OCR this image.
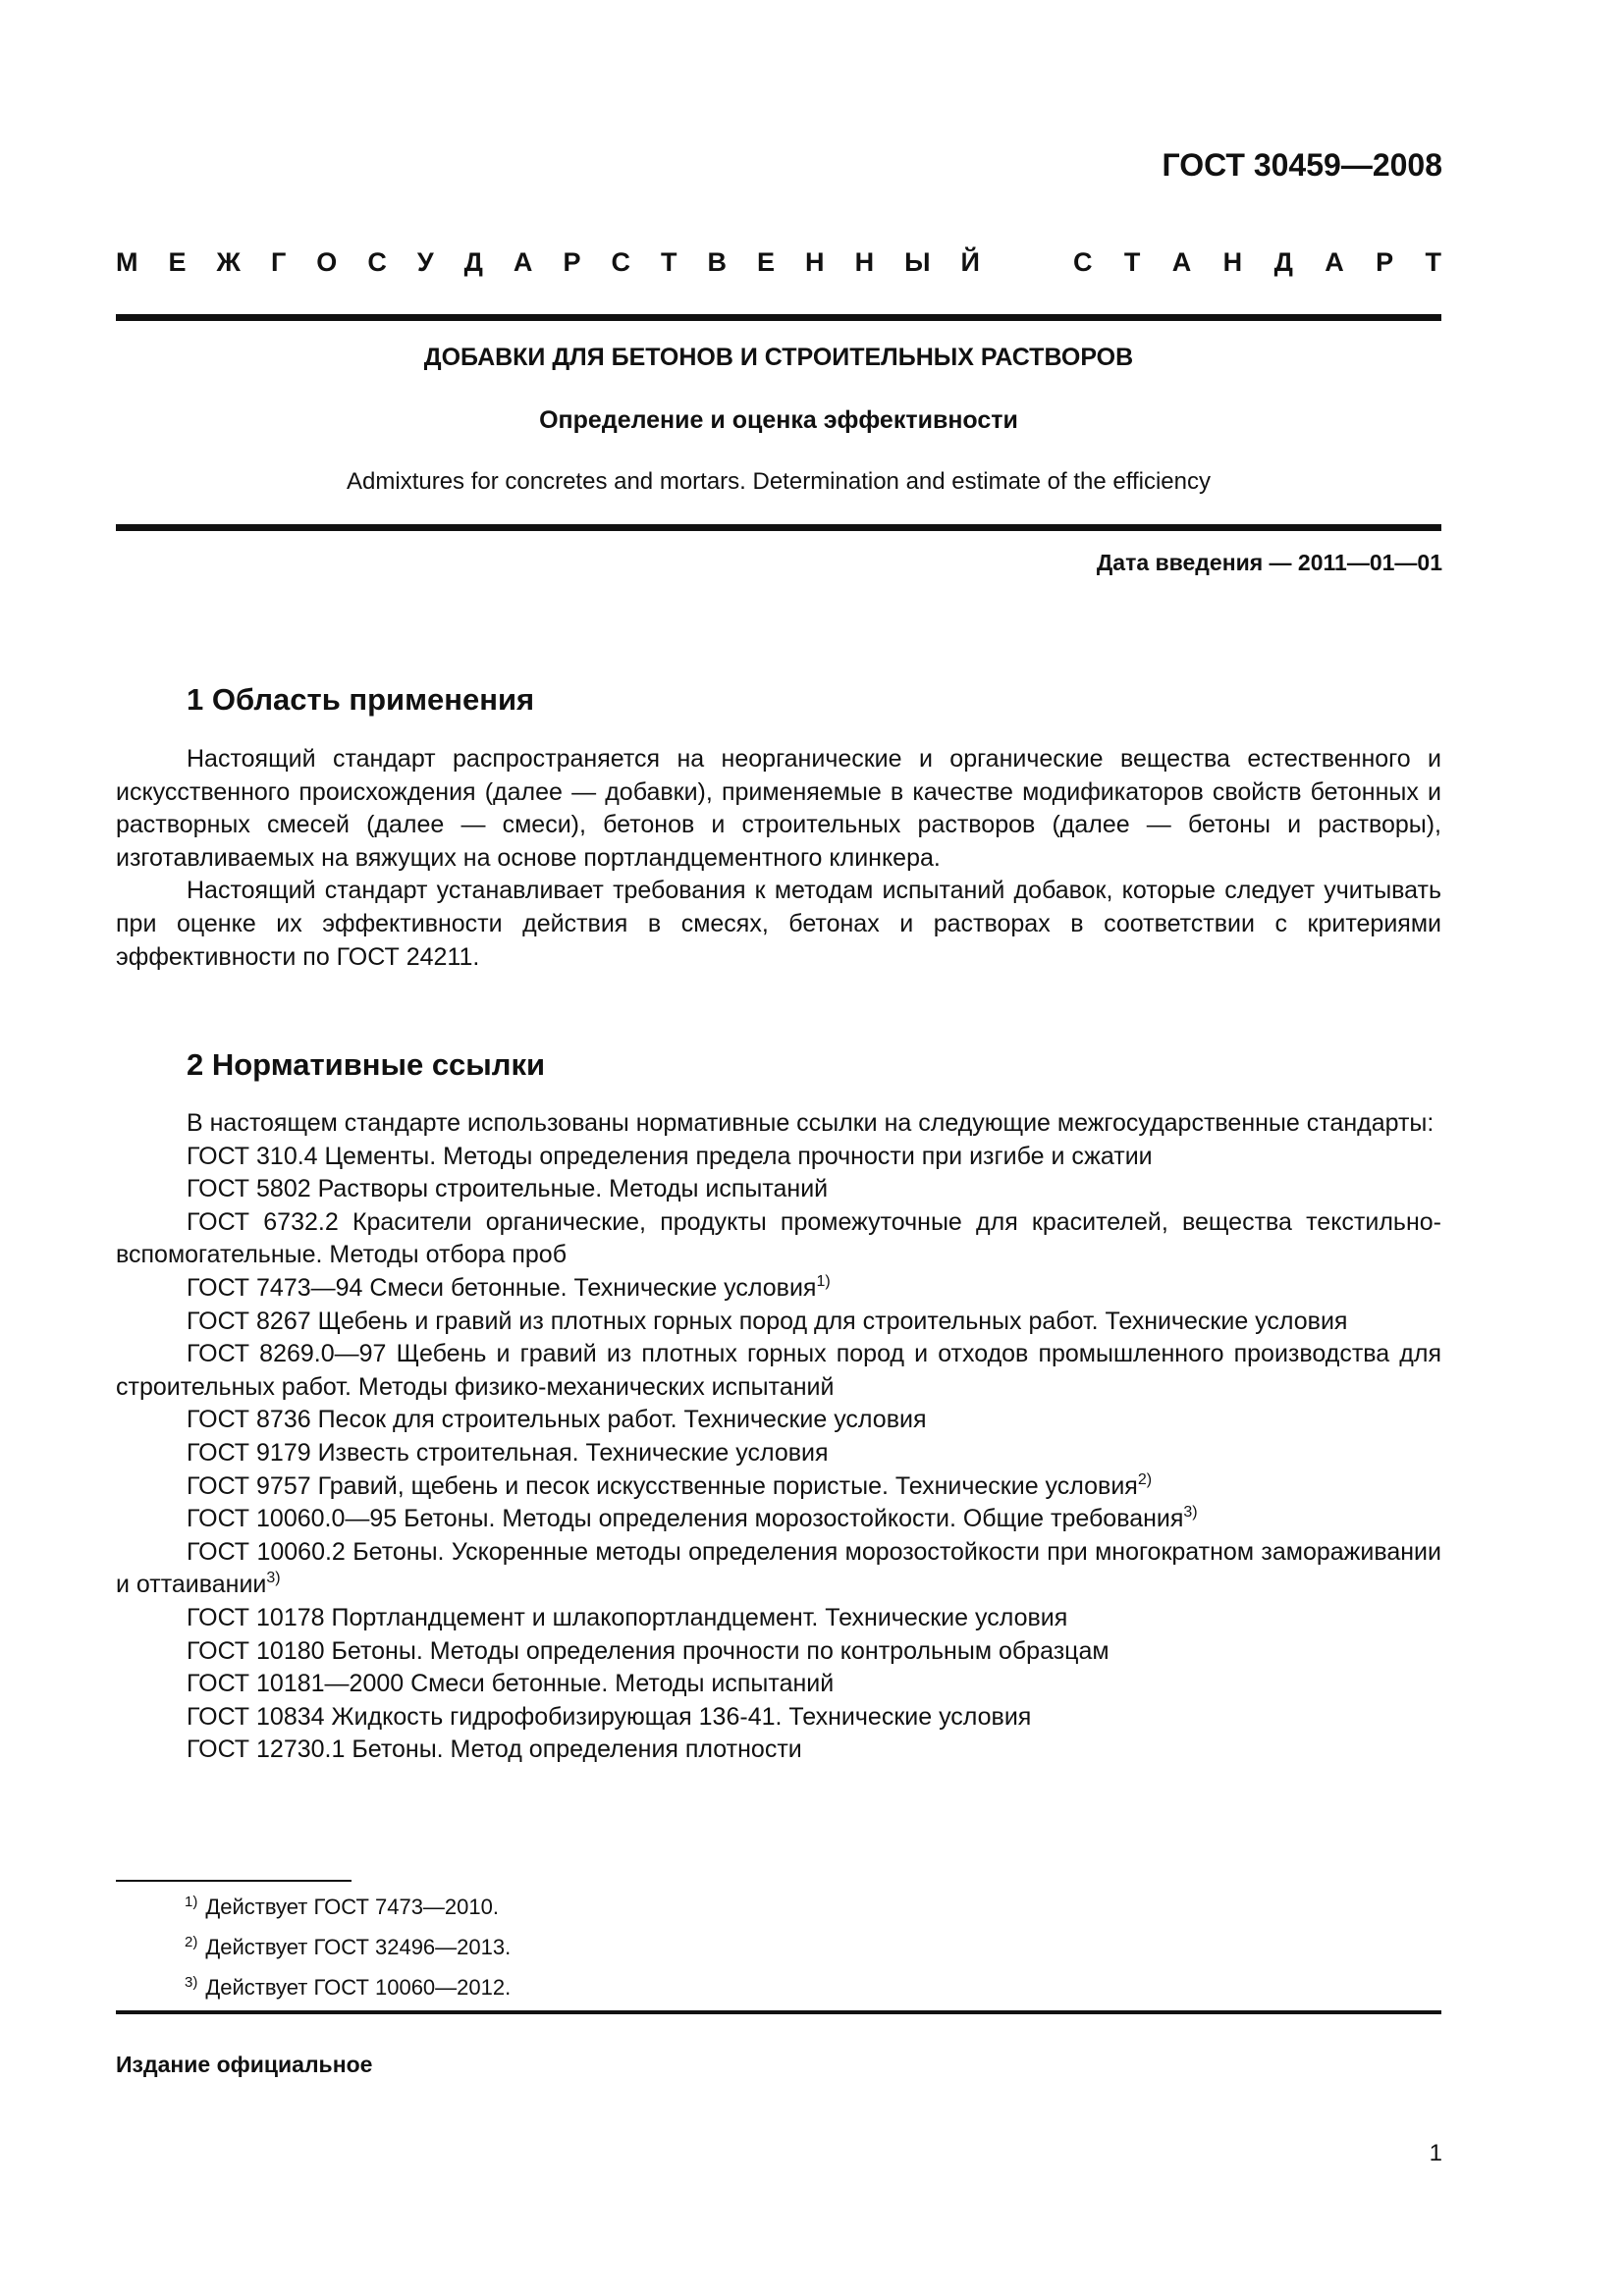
ГОСТ 30459—2008
М Е Ж Г О С У Д А Р С Т В Е Н Н Ы Й	С Т А Н Д А Р Т
ДОБАВКИ ДЛЯ БЕТОНОВ И СТРОИТЕЛЬНЫХ РАСТВОРОВ
Определение и оценка эффективности
Admixtures for concretes and mortars. Determination and estimate of the efficiency
Дата введения — 2011—01—01
1 Область применения

Настоящий стандарт распространяется на неорганические и органические вещества естественного и искусственного происхождения (далее — добавки), применяемые в качестве модификаторов свойств бетонных и растворных смесей (далее — смеси), бетонов и строительных растворов (далее — бетоны и растворы), изготавливаемых на вяжущих на основе портландцементного клинкера.

Настоящий стандарт устанавливает требования к методам испытаний добавок, которые следует учитывать при оценке их эффективности действия в смесях, бетонах и растворах в соответствии с критериями эффективности по ГОСТ 24211.

2 Нормативные ссылки
В настоящем стандарте использованы нормативные ссылки на следующие межгосударственные стандарты:
ГОСТ 310.4 Цементы. Методы определения предела прочности при изгибе и сжатии
ГОСТ 5802 Растворы строительные. Методы испытаний
ГОСТ 6732.2 Красители органические, продукты промежуточные для красителей, вещества текстильно-вспомогательные. Методы отбора проб
ГОСТ 7473—94 Смеси бетонные. Технические условия$^{1)}$
ГОСТ 8267 Щебень и гравий из плотных горных пород для строительных работ. Технические условия
ГОСТ 8269.0—97 Щебень и гравий из плотных горных пород и отходов промышленного производства для строительных работ. Методы физико-механических испытаний
ГОСТ 8736 Песок для строительных работ. Технические условия
ГОСТ 9179 Известь строительная. Технические условия
ГОСТ 9757 Гравий, щебень и песок искусственные пористые. Технические условия$^{2)}$
ГОСТ 10060.0—95 Бетоны. Методы определения морозостойкости. Общие требования$^{3)}$
ГОСТ 10060.2 Бетоны. Ускоренные методы определения морозостойкости при многократном замораживании и оттаивании$^{3)}$
ГОСТ 10178 Портландцемент и шлакопортландцемент. Технические условия
ГОСТ 10180 Бетоны. Методы определения прочности по контрольным образцам
ГОСТ 10181—2000 Смеси бетонные. Методы испытаний
ГОСТ 10834 Жидкость гидрофобизирующая 136-41. Технические условия
ГОСТ 12730.1 Бетоны. Метод определения плотности
$^{1)}$ Действует ГОСТ 7473—2010.
$^{2)}$ Действует ГОСТ 32496—2013.
$^{3)}$ Действует ГОСТ 10060—2012.
Издание официальное
1
